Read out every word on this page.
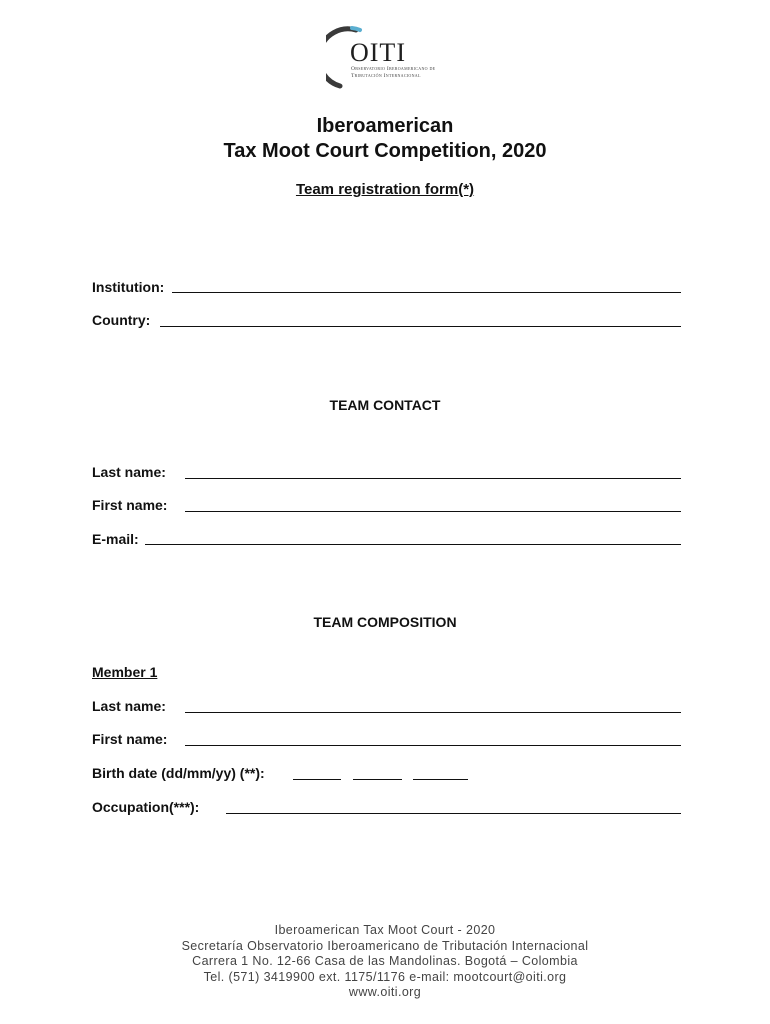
OITI
Observatorio Iberoamericano de
Tributación Internacional
Iberoamerican
Tax Moot Court Competition, 2020
Team registration form(*)
Institution:
Country:
TEAM CONTACT
Last name:
First name:
E-mail:
TEAM COMPOSITION
Member 1
Last name:
First name:
Birth date (dd/mm/yy) (**):
Occupation(***):
Iberoamerican Tax Moot Court - 2020
Secretaría Observatorio Iberoamericano de Tributación Internacional
Carrera 1 No. 12-66 Casa de las Mandolinas. Bogotá – Colombia
Tel. (571) 3419900 ext. 1175/1176 e-mail: mootcourt@oiti.org
www.oiti.org
